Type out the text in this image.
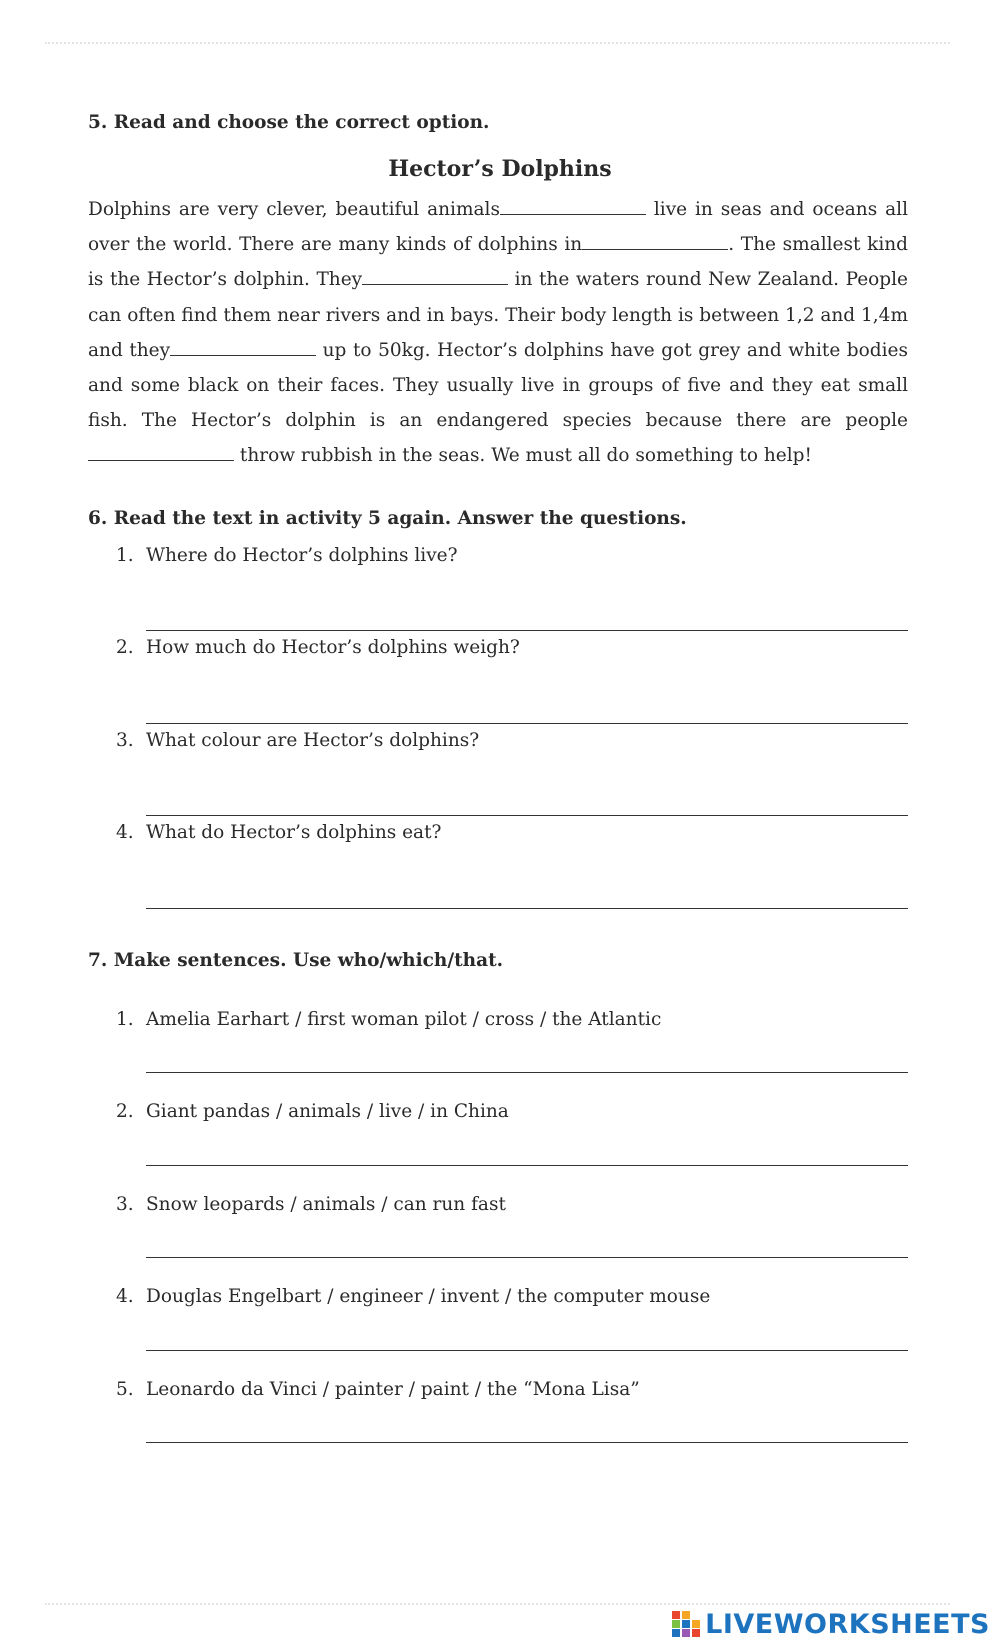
5. Read and choose the correct option.
Hector’s Dolphins

Dolphins are very clever, beautiful animals	live in seas and oceans all over the world. There are many kinds of dolphins in	. The smallest kind is the Hector’s dolphin. They	in the waters round New Zealand. People can often find them near rivers and in bays. Their body length is between 1,2 and 1,4m and they	up to 50kg. Hector’s dolphins have got grey and white bodies and some black on their faces. They usually live in groups of five and they eat small fish. The Hector’s dolphin is an endangered species because there are people throw rubbish in the seas. We must all do something to help!

6. Read the text in activity 5 again. Answer the questions.
1. Where do Hector’s dolphins live?
2. How much do Hector’s dolphins weigh?
3. What colour are Hector’s dolphins?
4. What do Hector’s dolphins eat?
7. Make sentences. Use who/which/that.
1. Amelia Earhart / first woman pilot / cross / the Atlantic
2. Giant pandas / animals / live / in China
3. Snow leopards / animals / can run fast
4. Douglas Engelbart / engineer / invent / the computer mouse
5. Leonardo da Vinci / painter / paint / the “Mona Lisa”
LIVEWORKSHEETS
